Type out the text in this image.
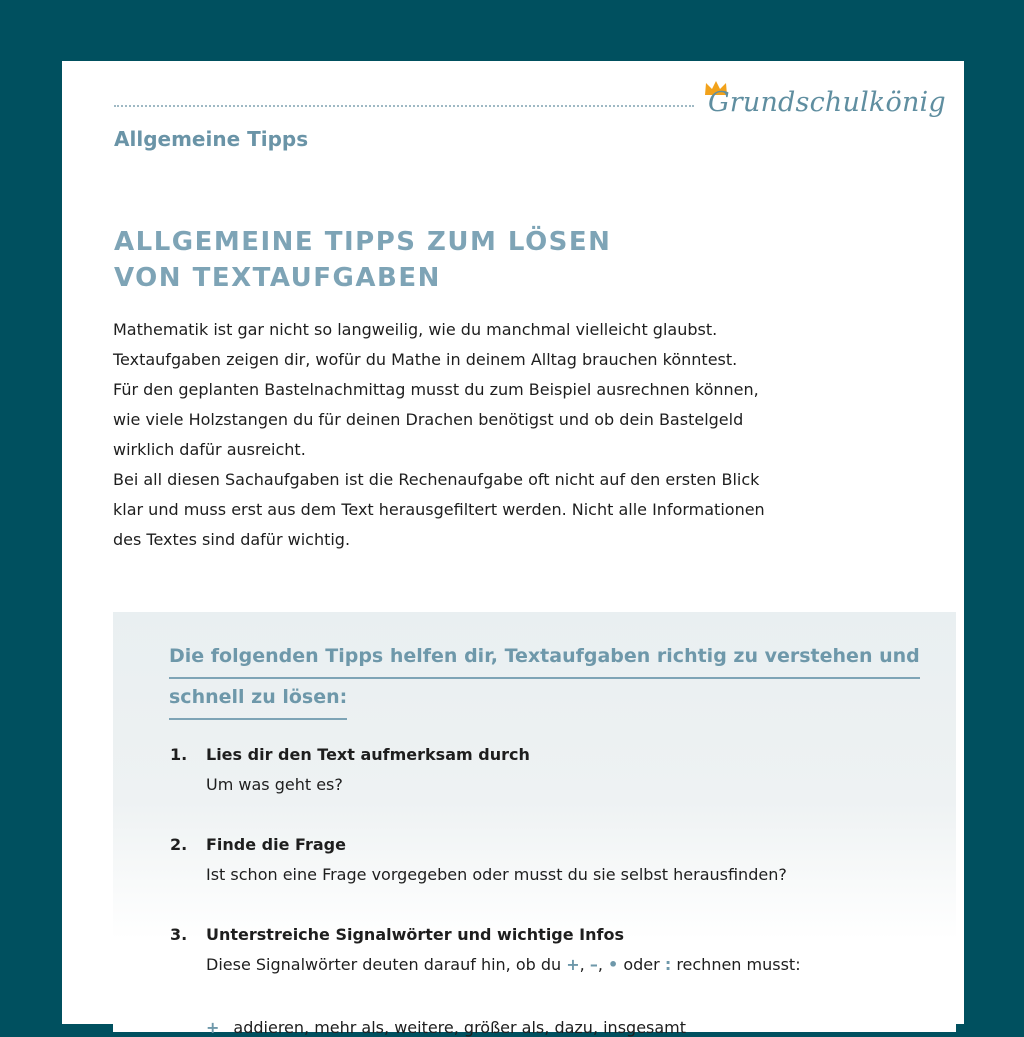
Grundschulkönig
Allgemeine Tipps
ALLGEMEINE TIPPS ZUM LÖSEN
VON TEXTAUFGABEN

Mathematik ist gar nicht so langweilig, wie du manchmal vielleicht glaubst.

Textaufgaben zeigen dir, wofür du Mathe in deinem Alltag brauchen könntest.

Für den geplanten Bastelnachmittag musst du zum Beispiel ausrechnen können,

wie viele Holzstangen du für deinen Drachen benötigst und ob dein Bastelgeld

wirklich dafür ausreicht.

Bei all diesen Sachaufgaben ist die Rechenaufgabe oft nicht auf den ersten Blick

klar und muss erst aus dem Text herausgefiltert werden. Nicht alle Informationen

des Textes sind dafür wichtig.

Die folgenden Tipps helfen dir, Textaufgaben richtig zu verstehen und
schnell zu lösen:
1. Lies dir den Text aufmerksam durch
Um was geht es?
2. Finde die Frage
Ist schon eine Frage vorgegeben oder musst du sie selbst herausfinden?
3. Unterstreiche Signalwörter und wichtige Infos
Diese Signalwörter deuten darauf hin, ob du +, –, • oder : rechnen musst:
+ addieren, mehr als, weitere, größer als, dazu, insgesamt
